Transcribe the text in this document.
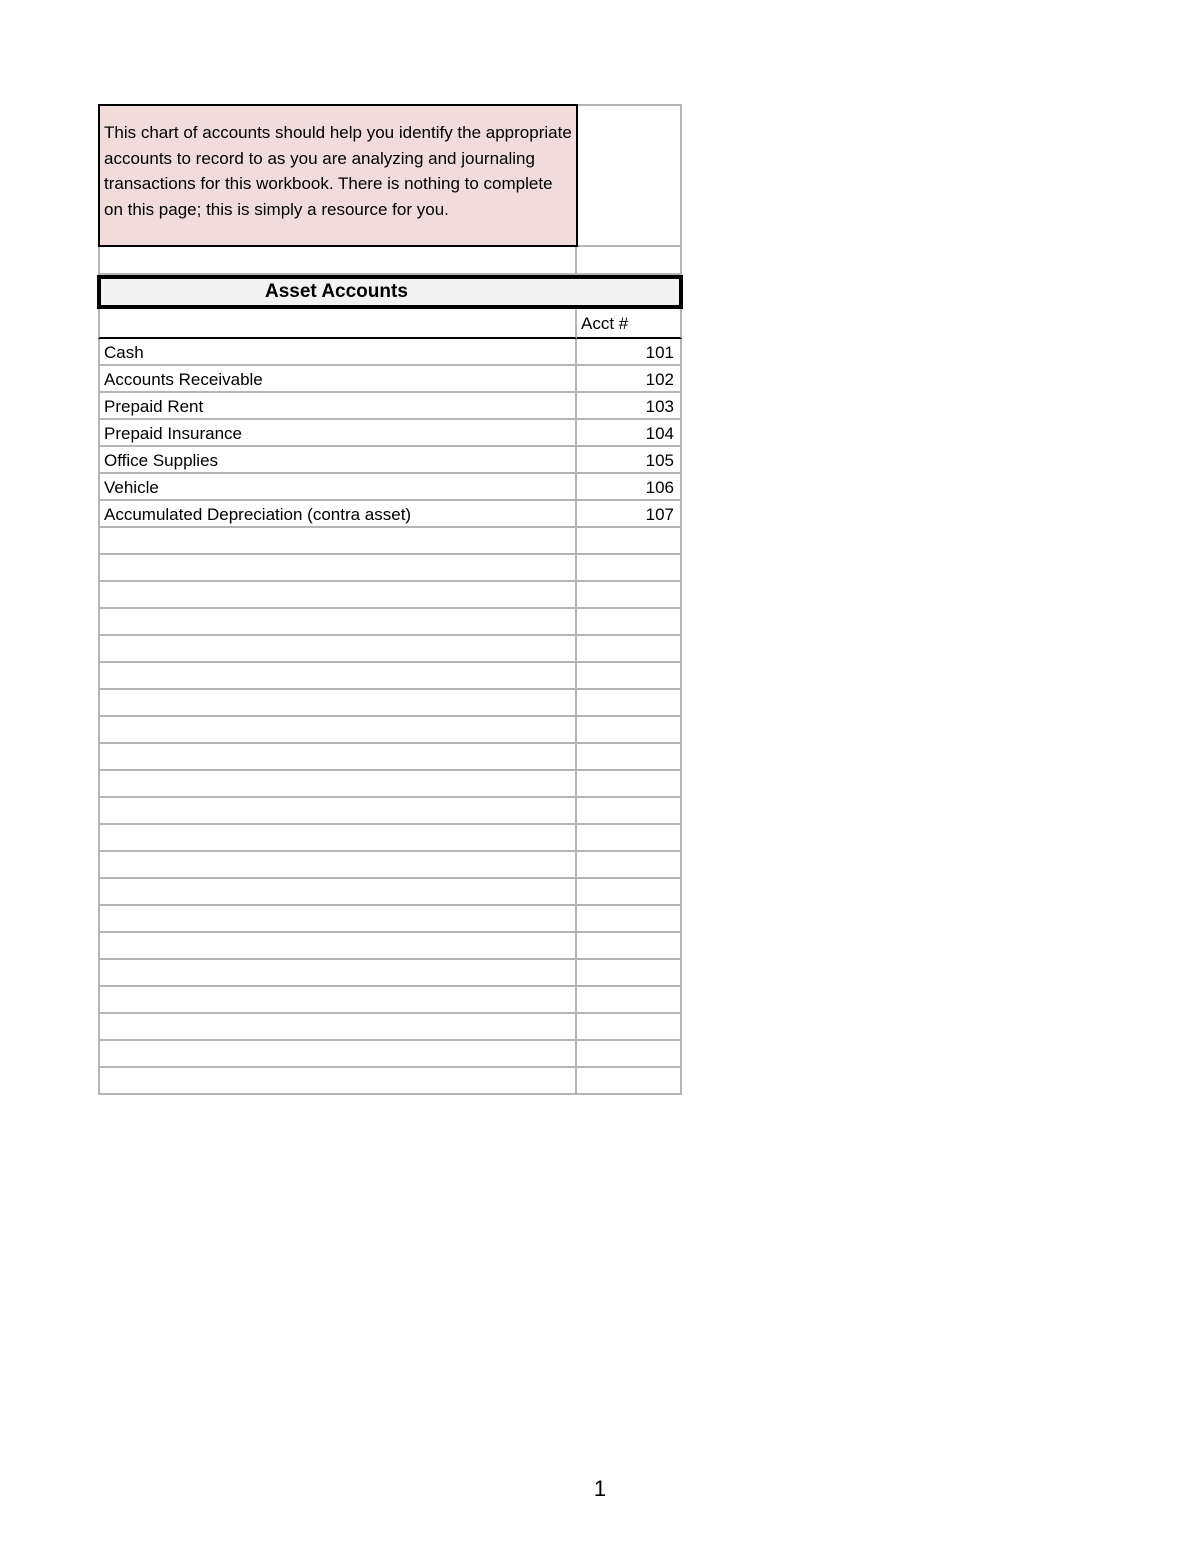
This chart of accounts should help you identify the appropriate accounts to record to as you are analyzing and journaling transactions for this workbook. There is nothing to complete on this page; this is simply a resource for you.
Asset Accounts
Acct #
Cash	101
Accounts Receivable	102
Prepaid Rent	103
Prepaid Insurance	104
Office Supplies	105
Vehicle	106
Accumulated Depreciation (contra asset)	107
1
